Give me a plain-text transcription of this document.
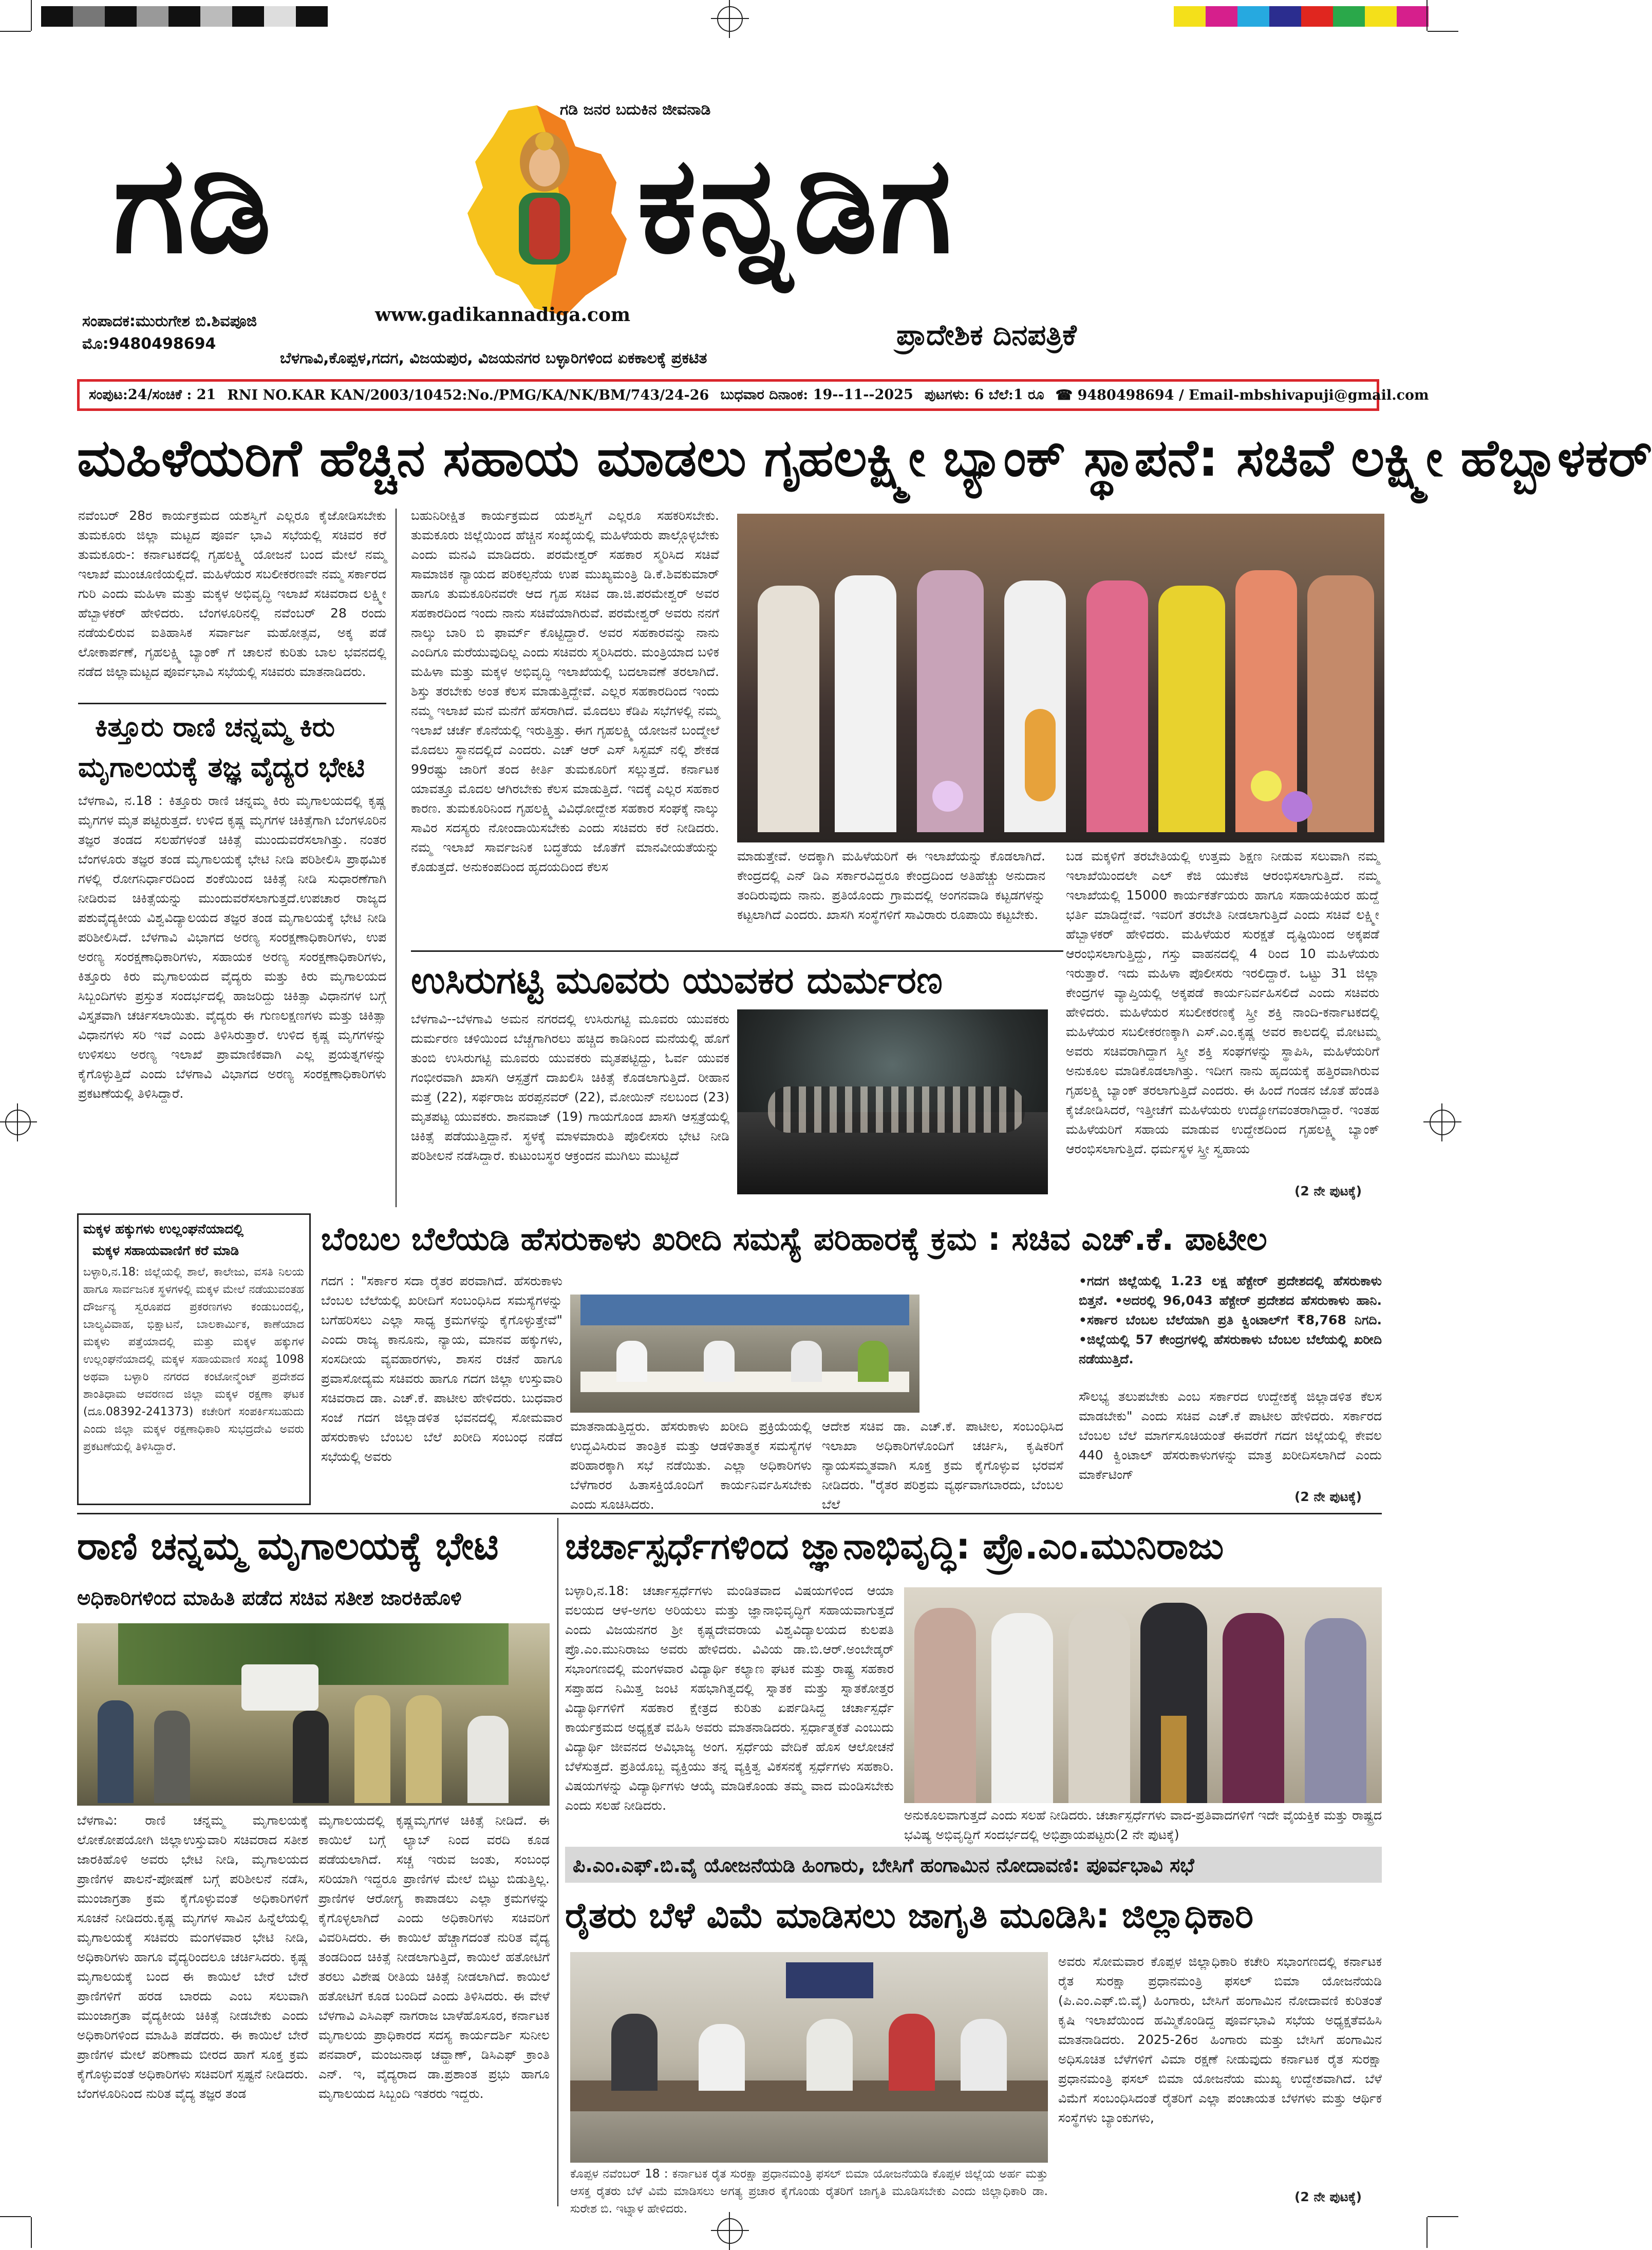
ಗಡಿ ಜನರ ಬದುಕಿನ ಜೀವನಾಡಿ
ಗಡಿ	ಕನ್ನಡಿಗ
ಸಂಪಾದಕ:ಮುರುಗೇಶ ಬಿ.ಶಿವಪೂಜಿ
ಮೊ:9480498694
www.gadikannadiga.com
ಪ್ರಾದೇಶಿಕ ದಿನಪತ್ರಿಕೆ
ಬೆಳಗಾವಿ,ಕೊಪ್ಪಳ,ಗದಗ, ವಿಜಯಪುರ, ವಿಜಯನಗರ ಬಳ್ಳಾರಿಗಳಿಂದ ಏಕಕಾಲಕ್ಕೆ ಪ್ರಕಟಿತ
ಸಂಪುಟ:24/ಸಂಚಿಕೆ : 21 RNI NO.KAR KAN/2003/10452:No./PMG/KA/NK/BM/743/24-26 ಬುಧವಾರ ದಿನಾಂಕ: 19--11--2025 ಪುಟಗಳು: 6 ಬೆಲೆ:1 ರೂ ☎ 9480498694 / Email-mbshivapuji@gmail.com
ಮಹಿಳೆಯರಿಗೆ ಹೆಚ್ಚಿನ ಸಹಾಯ ಮಾಡಲು ಗೃಹಲಕ್ಷ್ಮೀ ಬ್ಯಾಂಕ್ ಸ್ಥಾಪನೆ: ಸಚಿವೆ ಲಕ್ಷ್ಮೀ ಹೆಬ್ಬಾಳಕರ್
ನವೆಂಬರ್ 28ರ ಕಾರ್ಯಕ್ರಮದ ಯಶಸ್ವಿಗೆ ಎಲ್ಲರೂ ಕೈಜೋಡಿಸಬೇಕು ತುಮಕೂರು ಜಿಲ್ಲಾ ಮಟ್ಟದ ಪೂರ್ವ ಭಾವಿ ಸಭೆಯಲ್ಲಿ ಸಚಿವರ ಕರೆ ತುಮಕೂರು-: ಕರ್ನಾಟಕದಲ್ಲಿ ಗೃಹಲಕ್ಷ್ಮಿ ಯೋಜನೆ ಬಂದ ಮೇಲೆ ನಮ್ಮ ಇಲಾಖೆ ಮುಂಚೂಣಿಯಲ್ಲಿದೆ. ಮಹಿಳೆಯರ ಸಬಲೀಕರಣವೇ ನಮ್ಮ ಸರ್ಕಾರದ ಗುರಿ ಎಂದು ಮಹಿಳಾ ಮತ್ತು ಮಕ್ಕಳ ಅಭಿವೃದ್ಧಿ ಇಲಾಖೆ ಸಚಿವರಾದ ಲಕ್ಷ್ಮೀ ಹೆಬ್ಬಾಳಕರ್ ಹೇಳಿದರು. ಬೆಂಗಳೂರಿನಲ್ಲಿ ನವೆಂಬರ್ 28 ರಂದು ನಡೆಯಲಿರುವ ಐತಿಹಾಸಿಕ ಸರ್ವಾರ್ಜ ಮಹೋತ್ಸವ, ಅಕ್ಕ ಪಡೆ ಲೋಕಾರ್ಪಣೆ, ಗೃಹಲಕ್ಷ್ಮಿ ಬ್ಯಾಂಕ್ ಗೆ ಚಾಲನೆ ಕುರಿತು ಬಾಲ ಭವನದಲ್ಲಿ ನಡೆದ ಜಿಲ್ಲಾಮಟ್ಟದ ಪೂರ್ವಭಾವಿ ಸಭೆಯಲ್ಲಿ ಸಚಿವರು ಮಾತನಾಡಿದರು.
ಬಹುನಿರೀಕ್ಷಿತ ಕಾರ್ಯಕ್ರಮದ ಯಶಸ್ವಿಗೆ ಎಲ್ಲರೂ ಸಹಕರಿಸಬೇಕು. ತುಮಕೂರು ಜಿಲ್ಲೆಯಿಂದ ಹೆಚ್ಚಿನ ಸಂಖ್ಯೆಯಲ್ಲಿ ಮಹಿಳೆಯರು ಪಾಲ್ಗೊಳ್ಳಬೇಕು ಎಂದು ಮನವಿ ಮಾಡಿದರು. ಪರಮೇಶ್ವರ್ ಸಹಕಾರ ಸ್ಮರಿಸಿದ ಸಚಿವೆ ಸಾಮಾಜಿಕ ನ್ಯಾಯದ ಪರಿಕಲ್ಪನೆಯ ಉಪ ಮುಖ್ಯಮಂತ್ರಿ ಡಿ.ಕೆ.ಶಿವಕುಮಾರ್ ಹಾಗೂ ತುಮಕೂರಿನವರೇ ಆದ ಗೃಹ ಸಚಿವ ಡಾ.ಜಿ.ಪರಮೇಶ್ವರ್ ಅವರ ಸಹಕಾರದಿಂದ ಇಂದು ನಾನು ಸಚಿವೆಯಾಗಿರುವೆ. ಪರಮೇಶ್ವರ್ ಅವರು ನನಗೆ ನಾಲ್ಕು ಬಾರಿ ಬಿ ಫಾರ್ಮ್ ಕೊಟ್ಟಿದ್ದಾರೆ. ಅವರ ಸಹಕಾರವನ್ನು ನಾನು ಎಂದಿಗೂ ಮರೆಯುವುದಿಲ್ಲ ಎಂದು ಸಚಿವರು ಸ್ಮರಿಸಿದರು. ಮಂತ್ರಿಯಾದ ಬಳಿಕ ಮಹಿಳಾ ಮತ್ತು ಮಕ್ಕಳ ಅಭಿವೃದ್ಧಿ ಇಲಾಖೆಯಲ್ಲಿ ಬದಲಾವಣೆ ತರಲಾಗಿದೆ. ಶಿಸ್ತು ತರಬೇಕು ಅಂತ ಕೆಲಸ ಮಾಡುತ್ತಿದ್ದೇವೆ. ಎಲ್ಲರ ಸಹಕಾರದಿಂದ ಇಂದು ನಮ್ಮ ಇಲಾಖೆ ಮನೆ ಮನೆಗೆ ಹೆಸರಾಗಿದೆ. ಮೊದಲು ಕೆಡಿಪಿ ಸಭೆಗಳಲ್ಲಿ ನಮ್ಮ ಇಲಾಖೆ ಚರ್ಚೆ ಕೊನೆಯಲ್ಲಿ ಇರುತ್ತಿತ್ತು. ಈಗ ಗೃಹಲಕ್ಷ್ಮಿ ಯೋಜನೆ ಬಂದ್ಮೇಲೆ ಮೊದಲು ಸ್ಥಾನದಲ್ಲಿದೆ ಎಂದರು. ಎಚ್ ಆರ್ ಎಸ್ ಸಿಸ್ಟಮ್ ನಲ್ಲಿ ಶೇಕಡ 99ರಷ್ಟು ಜಾರಿಗೆ ತಂದ ಕೀರ್ತಿ ತುಮಕೂರಿಗೆ ಸಲ್ಲುತ್ತದೆ. ಕರ್ನಾಟಕ ಯಾವತ್ತೂ ಮೊದಲ ಆಗಿರಬೇಕು ಕೆಲಸ ಮಾಡುತ್ತಿದೆ. ಇದಕ್ಕೆ ಎಲ್ಲರ ಸಹಕಾರ ಕಾರಣ. ತುಮಕೂರಿನಿಂದ ಗೃಹಲಕ್ಷ್ಮಿ ವಿವಿಧೋದ್ದೇಶ ಸಹಕಾರ ಸಂಘಕ್ಕೆ ನಾಲ್ಕು ಸಾವಿರ ಸದಸ್ಯರು ನೋಂದಾಯಿಸಬೇಕು ಎಂದು ಸಚಿವರು ಕರೆ ನೀಡಿದರು. ನಮ್ಮ ಇಲಾಖೆ ಸಾರ್ವಜನಿಕ ಬದ್ಧತೆಯ ಜೊತೆಗೆ ಮಾನವೀಯತೆಯನ್ನು ಕೊಡುತ್ತದೆ. ಅನುಕಂಪದಿಂದ ಹೃದಯದಿಂದ ಕೆಲಸ
ಮಾಡುತ್ತೇವೆ. ಅದಕ್ಕಾಗಿ ಮಹಿಳೆಯರಿಗೆ ಈ ಇಲಾಖೆಯನ್ನು ಕೊಡಲಾಗಿದೆ. ಕೇಂದ್ರದಲ್ಲಿ ಎನ್ ಡಿಎ ಸರ್ಕಾರವಿದ್ದರೂ ಕೇಂದ್ರದಿಂದ ಅತಿಹೆಚ್ಚು ಅನುದಾನ ತಂದಿರುವುದು ನಾನು. ಪ್ರತಿಯೊಂದು ಗ್ರಾಮದಲ್ಲಿ ಅಂಗನವಾಡಿ ಕಟ್ಟಡಗಳನ್ನು ಕಟ್ಟಲಾಗಿದೆ ಎಂದರು. ಖಾಸಗಿ ಸಂಸ್ಥೆಗಳಿಗೆ ಸಾವಿರಾರು ರೂಪಾಯಿ ಕಟ್ಟಬೇಕು.
ಬಡ ಮಕ್ಕಳಿಗೆ ತರಬೇತಿಯಲ್ಲಿ ಉತ್ತಮ ಶಿಕ್ಷಣ ನೀಡುವ ಸಲುವಾಗಿ ನಮ್ಮ ಇಲಾಖೆಯಿಂದಲೇ ಎಲ್ ಕೆಜಿ ಯುಕೆಜಿ ಆರಂಭಿಸಲಾಗುತ್ತಿದೆ. ನಮ್ಮ ಇಲಾಖೆಯಲ್ಲಿ 15000 ಕಾರ್ಯಕರ್ತೆಯರು ಹಾಗೂ ಸಹಾಯಕಿಯರ ಹುದ್ದೆ ಭರ್ತಿ ಮಾಡಿದ್ದೇವೆ. ಇವರಿಗೆ ತರಬೇತಿ ನೀಡಲಾಗುತ್ತಿದೆ ಎಂದು ಸಚಿವೆ ಲಕ್ಷ್ಮೀ ಹೆಬ್ಬಾಳಕರ್ ಹೇಳಿದರು. ಮಹಿಳೆಯರ ಸುರಕ್ಷತೆ ದೃಷ್ಟಿಯಿಂದ ಅಕ್ಕಪಡೆ ಆರಂಭಿಸಲಾಗುತ್ತಿದ್ದು, ಗಸ್ತು ವಾಹನದಲ್ಲಿ 4 ರಿಂದ 10 ಮಹಿಳೆಯರು ಇರುತ್ತಾರೆ. ಇದು ಮಹಿಳಾ ಪೊಲೀಸರು ಇರಲಿದ್ದಾರೆ. ಒಟ್ಟು 31 ಜಿಲ್ಲಾ ಕೇಂದ್ರಗಳ ವ್ಯಾಪ್ತಿಯಲ್ಲಿ ಅಕ್ಕಪಡೆ ಕಾರ್ಯನಿರ್ವಹಿಸಲಿದೆ ಎಂದು ಸಚಿವರು ಹೇಳಿದರು. ಮಹಿಳೆಯರ ಸಬಲೀಕರಣಕ್ಕೆ ಸ್ತ್ರೀ ಶಕ್ತಿ ನಾಂದಿ-ಕರ್ನಾಟಕದಲ್ಲಿ ಮಹಿಳೆಯರ ಸಬಲೀಕರಣಕ್ಕಾಗಿ ಎಸ್.ಎಂ.ಕೃಷ್ಣ ಅವರ ಕಾಲದಲ್ಲಿ ಮೋಟಮ್ಮ ಅವರು ಸಚಿವರಾಗಿದ್ದಾಗ ಸ್ತ್ರೀ ಶಕ್ತಿ ಸಂಘಗಳನ್ನು ಸ್ಥಾಪಿಸಿ, ಮಹಿಳೆಯರಿಗೆ ಅನುಕೂಲ ಮಾಡಿಕೊಡಲಾಗಿತ್ತು. ಇದೀಗ ನಾನು ಹೃದಯಕ್ಕೆ ಹತ್ತಿರವಾಗಿರುವ ಗೃಹಲಕ್ಷ್ಮಿ ಬ್ಯಾಂಕ್ ತರಲಾಗುತ್ತಿದೆ ಎಂದರು. ಈ ಹಿಂದೆ ಗಂಡನ ಜೊತೆ ಹೆಂಡತಿ ಕೈಜೋಡಿಸಿದರೆ, ಇತ್ತೀಚೆಗೆ ಮಹಿಳೆಯರು ಉದ್ಯೋಗವಂತರಾಗಿದ್ದಾರೆ. ಇಂತಹ ಮಹಿಳೆಯರಿಗೆ ಸಹಾಯ ಮಾಡುವ ಉದ್ದೇಶದಿಂದ ಗೃಹಲಕ್ಷ್ಮಿ ಬ್ಯಾಂಕ್ ಆರಂಭಿಸಲಾಗುತ್ತಿದೆ. ಧರ್ಮಸ್ಥಳ ಸ್ತ್ರೀ ಸ್ವಹಾಯ
(2 ನೇ ಪುಟಕ್ಕೆ)
ಕಿತ್ತೂರು ರಾಣಿ ಚನ್ನಮ್ಮ ಕಿರು
ಮೃಗಾಲಯಕ್ಕೆ ತಜ್ಞ ವೈದ್ಯರ ಭೇಟಿ
ಬೆಳಗಾವಿ, ನ.18 : ಕಿತ್ತೂರು ರಾಣಿ ಚನ್ನಮ್ಮ ಕಿರು ಮೃಗಾಲಯದಲ್ಲಿ ಕೃಷ್ಣ ಮೃಗಗಳ ಮೃತ ಪಟ್ಟಿರುತ್ತದೆ. ಉಳಿದ ಕೃಷ್ಣ ಮೃಗಗಳ ಚಿಕಿತ್ಸೆಗಾಗಿ ಬೆಂಗಳೂರಿನ ತಜ್ಞರ ತಂಡದ ಸಲಹೆಗಳಂತೆ ಚಿಕಿತ್ಸೆ ಮುಂದುವರೆಸಲಾಗಿತ್ತು. ನಂತರ ಬೆಂಗಳೂರು ತಜ್ಞರ ತಂಡ ಮೃಗಾಲಯಕ್ಕೆ ಭೇಟಿ ನೀಡಿ ಪರಿಶೀಲಿಸಿ ಪ್ರಾಥಮಿಕ ಗಳಲ್ಲಿ ರೋಗನಿರ್ಧಾರದಿಂದ ಶಂಕೆಯಿಂದ ಚಿಕಿತ್ಸೆ ನೀಡಿ ಸುಧಾರಣೆಗಾಗಿ ನೀಡಿರುವ ಚಿಕಿತ್ಸೆಯನ್ನು ಮುಂದುವರೆಸಲಾಗುತ್ತದೆ.ಉಪಚಾರ ರಾಜ್ಯದ ಪಶುವೈದ್ಯಕೀಯ ವಿಶ್ವವಿದ್ಯಾಲಯದ ತಜ್ಞರ ತಂಡ ಮೃಗಾಲಯಕ್ಕೆ ಭೇಟಿ ನೀಡಿ ಪರಿಶೀಲಿಸಿದೆ. ಬೆಳಗಾವಿ ವಿಭಾಗದ ಅರಣ್ಯ ಸಂರಕ್ಷಣಾಧಿಕಾರಿಗಳು, ಉಪ ಅರಣ್ಯ ಸಂರಕ್ಷಣಾಧಿಕಾರಿಗಳು, ಸಹಾಯಕ ಅರಣ್ಯ ಸಂರಕ್ಷಣಾಧಿಕಾರಿಗಳು, ಕಿತ್ತೂರು ಕಿರು ಮೃಗಾಲಯದ ವೈದ್ಯರು ಮತ್ತು ಕಿರು ಮೃಗಾಲಯದ ಸಿಬ್ಬಂದಿಗಳು ಪ್ರಸ್ತುತ ಸಂದರ್ಭದಲ್ಲಿ ಹಾಜರಿದ್ದು ಚಿಕಿತ್ಸಾ ವಿಧಾನಗಳ ಬಗ್ಗೆ ವಿಸ್ತೃತವಾಗಿ ಚರ್ಚಿಸಲಾಯಿತು. ವೈದ್ಯರು ಈ ಗುಣಲಕ್ಷಣಗಳು ಮತ್ತು ಚಿಕಿತ್ಸಾ ವಿಧಾನಗಳು ಸರಿ ಇವೆ ಎಂದು ತಿಳಿಸಿರುತ್ತಾರೆ. ಉಳಿದ ಕೃಷ್ಣ ಮೃಗಗಳನ್ನು ಉಳಿಸಲು ಅರಣ್ಯ ಇಲಾಖೆ ಪ್ರಾಮಾಣಿಕವಾಗಿ ಎಲ್ಲ ಪ್ರಯತ್ನಗಳನ್ನು ಕೈಗೊಳ್ಳುತ್ತಿದೆ ಎಂದು ಬೆಳಗಾವಿ ವಿಭಾಗದ ಅರಣ್ಯ ಸಂರಕ್ಷಣಾಧಿಕಾರಿಗಳು ಪ್ರಕಟಣೆಯಲ್ಲಿ ತಿಳಿಸಿದ್ದಾರೆ.
ಉಸಿರುಗಟ್ಟಿ ಮೂವರು ಯುವಕರ ದುರ್ಮರಣ
ಬೆಳಗಾವಿ--ಬೆಳಗಾವಿ ಅಮನ ನಗರದಲ್ಲಿ ಉಸಿರುಗಟ್ಟಿ ಮೂವರು ಯುವಕರು ದುರ್ಮರಣ ಚಳಿಯಿಂದ ಬೆಚ್ಚಗಾಗಿರಲು ಹಚ್ಚಿದ ಕಾಡಿನಿಂದ ಮನೆಯಲ್ಲಿ ಹೊಗೆ ತುಂಬಿ ಉಸಿರುಗಟ್ಟಿ ಮೂವರು ಯುವಕರು ಮೃತಪಟ್ಟಿದ್ದು, ಓರ್ವ ಯುವಕ ಗಂಭೀರವಾಗಿ ಖಾಸಗಿ ಆಸ್ಪತ್ರೆಗೆ ದಾಖಲಿಸಿ ಚಿಕಿತ್ಸೆ ಕೊಡಲಾಗುತ್ತಿದೆ. ರೀಹಾನ ಮತ್ತೆ (22), ಸರ್ಫರಾಜ ಹರಪ್ಪನವರ್ (22), ಮೋಯಿನ್ ನಲಬಂದ (23) ಮೃತಪಟ್ಟ ಯುವಕರು. ಶಾನವಾಜ್ (19) ಗಾಯಗೊಂಡ ಖಾಸಗಿ ಆಸ್ಪತ್ರೆಯಲ್ಲಿ ಚಿಕಿತ್ಸೆ ಪಡೆಯುತ್ತಿದ್ದಾನೆ. ಸ್ಥಳಕ್ಕೆ ಮಾಳಮಾರುತಿ ಪೊಲೀಸರು ಭೇಟಿ ನೀಡಿ ಪರಿಶೀಲನೆ ನಡೆಸಿದ್ದಾರೆ. ಕುಟುಂಬಸ್ಥರ ಆಕ್ರಂದನ ಮುಗಿಲು ಮುಟ್ಟಿದೆ
ಮಕ್ಕಳ ಹಕ್ಕುಗಳು ಉಲ್ಲಂಘನೆಯಾದಲ್ಲಿ
ಮಕ್ಕಳ ಸಹಾಯವಾಣಿಗೆ ಕರೆ ಮಾಡಿ
ಬಳ್ಳಾರಿ,ನ.18: ಜಿಲ್ಲೆಯಲ್ಲಿ ಶಾಲೆ, ಕಾಲೇಜು, ವಸತಿ ನಿಲಯ ಹಾಗೂ ಸಾರ್ವಜನಿಕ ಸ್ಥಳಗಳಲ್ಲಿ ಮಕ್ಕಳ ಮೇಲೆ ನಡೆಯುವಂತಹ ದೌರ್ಜನ್ಯ ಸ್ವರೂಪದ ಪ್ರಕರಣಗಳು ಕಂಡುಬಂದಲ್ಲಿ, ಬಾಲ್ಯವಿವಾಹ, ಭಿಕ್ಷಾಟನೆ, ಬಾಲಕಾರ್ಮಿಕ, ಕಾಣೆಯಾದ ಮಕ್ಕಳು ಪತ್ತೆಯಾದಲ್ಲಿ ಮತ್ತು ಮಕ್ಕಳ ಹಕ್ಕುಗಳ ಉಲ್ಲಂಘನೆಯಾದಲ್ಲಿ ಮಕ್ಕಳ ಸಹಾಯವಾಣಿ ಸಂಖ್ಯೆ 1098 ಅಥವಾ ಬಳ್ಳಾರಿ ನಗರದ ಕಂಟೋನ್ಮೆಂಟ್ ಪ್ರದೇಶದ ಶಾಂತಿಧಾಮ ಆವರಣದ ಜಿಲ್ಲಾ ಮಕ್ಕಳ ರಕ್ಷಣಾ ಘಟಕ (ದೂ.08392-241373) ಕಚೇರಿಗೆ ಸಂಪರ್ಕಿಸಬಹುದು ಎಂದು ಜಿಲ್ಲಾ ಮಕ್ಕಳ ರಕ್ಷಣಾಧಿಕಾರಿ ಸುಭದ್ರದೇವಿ ಅವರು ಪ್ರಕಟಣೆಯಲ್ಲಿ ತಿಳಿಸಿದ್ದಾರೆ.
ಬೆಂಬಲ ಬೆಲೆಯಡಿ ಹೆಸರುಕಾಳು ಖರೀದಿ ಸಮಸ್ಯೆ ಪರಿಹಾರಕ್ಕೆ ಕ್ರಮ : ಸಚಿವ ಎಚ್.ಕೆ. ಪಾಟೀಲ
ಗದಗ : "ಸರ್ಕಾರ ಸದಾ ರೈತರ ಪರವಾಗಿದೆ. ಹೆಸರುಕಾಳು ಬೆಂಬಲ ಬೆಲೆಯಲ್ಲಿ ಖರೀದಿಗೆ ಸಂಬಂಧಿಸಿದ ಸಮಸ್ಯೆಗಳನ್ನು ಬಗೆಹರಿಸಲು ಎಲ್ಲಾ ಸಾಧ್ಯ ಕ್ರಮಗಳನ್ನು ಕೈಗೊಳ್ಳುತ್ತೇವೆ" ಎಂದು ರಾಜ್ಯ ಕಾನೂನು, ನ್ಯಾಯ, ಮಾನವ ಹಕ್ಕುಗಳು, ಸಂಸದೀಯ ವ್ಯವಹಾರಗಳು, ಶಾಸನ ರಚನೆ ಹಾಗೂ ಪ್ರವಾಸೋದ್ಯಮ ಸಚಿವರು ಹಾಗೂ ಗದಗ ಜಿಲ್ಲಾ ಉಸ್ತುವಾರಿ ಸಚಿವರಾದ ಡಾ. ಎಚ್.ಕೆ. ಪಾಟೀಲ ಹೇಳಿದರು. ಬುಧವಾರ ಸಂಜೆ ಗದಗ ಜಿಲ್ಲಾಡಳಿತ ಭವನದಲ್ಲಿ ಸೋಮವಾರ ಹೆಸರುಕಾಳು ಬೆಂಬಲ ಬೆಲೆ ಖರೀದಿ ಸಂಬಂಧ ನಡೆದ ಸಭೆಯಲ್ಲಿ ಅವರು
ಮಾತನಾಡುತ್ತಿದ್ದರು. ಹೆಸರುಕಾಳು ಖರೀದಿ ಪ್ರಕ್ರಿಯೆಯಲ್ಲಿ ಉದ್ಭವಿಸಿರುವ ತಾಂತ್ರಿಕ ಮತ್ತು ಆಡಳಿತಾತ್ಮಕ ಸಮಸ್ಯೆಗಳ ಪರಿಹಾರಕ್ಕಾಗಿ ಸಭೆ ನಡೆಯಿತು. ಎಲ್ಲಾ ಅಧಿಕಾರಿಗಳು ಬೆಳೆಗಾರರ ಹಿತಾಸಕ್ತಿಯೊಂದಿಗೆ ಕಾರ್ಯನಿರ್ವಹಿಸಬೇಕು ಎಂದು ಸೂಚಿಸಿದರು.
ಆದೇಶ ಸಚಿವ ಡಾ. ಎಚ್.ಕೆ. ಪಾಟೀಲ, ಸಂಬಂಧಿಸಿದ ಇಲಾಖಾ ಅಧಿಕಾರಿಗಳೊಂದಿಗೆ ಚರ್ಚಿಸಿ, ಕೃಷಿಕರಿಗೆ ನ್ಯಾಯಸಮ್ಮತವಾಗಿ ಸೂಕ್ತ ಕ್ರಮ ಕೈಗೊಳ್ಳುವ ಭರವಸೆ ನೀಡಿದರು. "ರೈತರ ಪರಿಶ್ರಮ ವ್ಯರ್ಥವಾಗಬಾರದು, ಬೆಂಬಲ ಬೆಲೆ
•ಗದಗ ಜಿಲ್ಲೆಯಲ್ಲಿ 1.23 ಲಕ್ಷ ಹೆಕ್ಟೇರ್ ಪ್ರದೇಶದಲ್ಲಿ ಹೆಸರುಕಾಳು ಬಿತ್ತನೆ. •ಅದರಲ್ಲಿ 96,043 ಹೆಕ್ಟೇರ್ ಪ್ರದೇಶದ ಹೆಸರುಕಾಳು ಹಾನಿ. •ಸರ್ಕಾರ ಬೆಂಬಲ ಬೆಲೆಯಾಗಿ ಪ್ರತಿ ಕ್ವಿಂಟಾಲ್‌ಗೆ ₹8,768 ನಿಗದಿ. •ಜಿಲ್ಲೆಯಲ್ಲಿ 57 ಕೇಂದ್ರಗಳಲ್ಲಿ ಹೆಸರುಕಾಳು ಬೆಂಬಲ ಬೆಲೆಯಲ್ಲಿ ಖರೀದಿ ನಡೆಯುತ್ತಿದೆ.
ಸೌಲಭ್ಯ ತಲುಪಬೇಕು ಎಂಬ ಸರ್ಕಾರದ ಉದ್ದೇಶಕ್ಕೆ ಜಿಲ್ಲಾಡಳಿತ ಕೆಲಸ ಮಾಡಬೇಕು" ಎಂದು ಸಚಿವ ಎಚ್.ಕೆ ಪಾಟೀಲ ಹೇಳಿದರು. ಸರ್ಕಾರದ ಬೆಂಬಲ ಬೆಲೆ ಮಾರ್ಗಸೂಚಿಯಂತೆ ಈವರೆಗೆ ಗದಗ ಜಿಲ್ಲೆಯಲ್ಲಿ ಕೇವಲ 440 ಕ್ವಿಂಟಾಲ್ ಹೆಸರುಕಾಳುಗಳನ್ನು ಮಾತ್ರ ಖರೀದಿಸಲಾಗಿದೆ ಎಂದು ಮಾರ್ಕೆಟಿಂಗ್
(2 ನೇ ಪುಟಕ್ಕೆ)
ರಾಣಿ ಚನ್ನಮ್ಮ ಮೃಗಾಲಯಕ್ಕೆ ಭೇಟಿ
ಅಧಿಕಾರಿಗಳಿಂದ ಮಾಹಿತಿ ಪಡೆದ ಸಚಿವ ಸತೀಶ ಜಾರಕಿಹೊಳಿ
ಬೆಳಗಾವಿ: ರಾಣಿ ಚನ್ನಮ್ಮ ಮೃಗಾಲಯಕ್ಕೆ ಲೋಕೋಪಯೋಗಿ ಜಿಲ್ಲಾಉಸ್ತುವಾರಿ ಸಚಿವರಾದ ಸತೀಶ ಜಾರಕಿಹೊಳಿ ಅವರು ಭೇಟಿ ನೀಡಿ, ಮೃಗಾಲಯದ ಪ್ರಾಣಿಗಳ ಪಾಲನೆ-ಪೋಷಣೆ ಬಗ್ಗೆ ಪರಿಶೀಲನೆ ನಡೆಸಿ, ಮುಂಜಾಗ್ರತಾ ಕ್ರಮ ಕೈಗೊಳ್ಳುವಂತೆ ಅಧಿಕಾರಿಗಳಿಗೆ ಸೂಚನೆ ನೀಡಿದರು.ಕೃಷ್ಣ ಮೃಗಗಳ ಸಾವಿನ ಹಿನ್ನೆಲೆಯಲ್ಲಿ ಮೃಗಾಲಯಕ್ಕೆ ಸಚಿವರು ಮಂಗಳವಾರ ಭೇಟಿ ನೀಡಿ, ಅಧಿಕಾರಿಗಳು ಹಾಗೂ ವೈದ್ಯರಿಂದಲೂ ಚರ್ಚಿಸಿದರು. ಕೃಷ್ಣ ಮೃಗಾಲಯಕ್ಕೆ ಬಂದ ಈ ಕಾಯಿಲೆ ಬೇರೆ ಬೇರೆ ಪ್ರಾಣಿಗಳಿಗೆ ಹರಡ ಬಾರದು ಎಂಬ ಸಲುವಾಗಿ ಮುಂಜಾಗ್ರತಾ ವೈದ್ಯಕೀಯ ಚಿಕಿತ್ಸೆ ನೀಡಬೇಕು ಎಂದು ಅಧಿಕಾರಿಗಳಿಂದ ಮಾಹಿತಿ ಪಡೆದರು. ಈ ಕಾಯಿಲೆ ಬೇರೆ ಪ್ರಾಣಿಗಳ ಮೇಲೆ ಪರಿಣಾಮ ಬೀರದ ಹಾಗೆ ಸೂಕ್ತ ಕ್ರಮ ಕೈಗೊಳ್ಳುವಂತೆ ಅಧಿಕಾರಿಗಳು ಸಚಿವರಿಗೆ ಸ್ಪಷ್ಟನೆ ನೀಡಿದರು. ಬೆಂಗಳೂರಿನಿಂದ ನುರಿತ ವೈದ್ಯ ತಜ್ಞರ ತಂಡ
ಮೃಗಾಲಯದಲ್ಲಿ ಕೃಷ್ಣಮೃಗಗಳ ಚಿಕಿತ್ಸೆ ನೀಡಿದೆ. ಈ ಕಾಯಿಲೆ ಬಗ್ಗೆ ಲ್ಯಾಬ್ ನಿಂದ ವರದಿ ಕೂಡ ಪಡೆಯಲಾಗಿದೆ. ಸಚ್ಚ ಇರುವ ಜಂತು, ಸಂಬಂಧ ಸರಿಯಾಗಿ ಇದ್ದರೂ ಪ್ರಾಣಿಗಳ ಮೇಲೆ ಬಿಟ್ಟು ಬಿಡುತ್ತಿಲ್ಲ. ಪ್ರಾಣಿಗಳ ಆರೋಗ್ಯ ಕಾಪಾಡಲು ಎಲ್ಲಾ ಕ್ರಮಗಳನ್ನು ಕೈಗೊಳ್ಳಲಾಗಿದೆ ಎಂದು ಅಧಿಕಾರಿಗಳು ಸಚಿವರಿಗೆ ವಿವರಿಸಿದರು. ಈ ಕಾಯಿಲೆ ಹೆಚ್ಚಾಗದಂತೆ ನುರಿತ ವೈದ್ಯ ತಂಡದಿಂದ ಚಿಕಿತ್ಸೆ ನೀಡಲಾಗುತ್ತಿದೆ, ಕಾಯಿಲೆ ಹತೋಟಿಗೆ ತರಲು ವಿಶೇಷ ರೀತಿಯ ಚಿಕಿತ್ಸೆ ನೀಡಲಾಗಿದೆ. ಕಾಯಿಲೆ ಹತೋಟಿಗೆ ಕೂಡ ಬಂದಿದೆ ಎಂದು ತಿಳಿಸಿದರು. ಈ ವೇಳೆ ಬೆಳಗಾವಿ ಎಸಿಎಫ್ ನಾಗರಾಜ ಬಾಳೆಹೊಸೂರ, ಕರ್ನಾಟಕ ಮೃಗಾಲಯ ಪ್ರಾಧಿಕಾರದ ಸದಸ್ಯ ಕಾರ್ಯದರ್ಶಿ ಸುನೀಲ ಪನವಾರ್, ಮಂಜುನಾಥ ಚವ್ಹಾಣ್, ಡಿಸಿಎಫ್ ಕ್ರಾಂತಿ ಎನ್. ಇ, ವೈದ್ಯರಾದ ಡಾ.ಪ್ರಶಾಂತ ಪ್ರಭು ಹಾಗೂ ಮೃಗಾಲಯದ ಸಿಬ್ಬಂದಿ ಇತರರು ಇದ್ದರು.
ಚರ್ಚಾಸ್ಪರ್ಧೆಗಳಿಂದ ಜ್ಞಾನಾಭಿವೃದ್ಧಿ: ಪ್ರೊ.ಎಂ.ಮುನಿರಾಜು
ಬಳ್ಳಾರಿ,ನ.18: ಚರ್ಚಾಸ್ಪರ್ಧೆಗಳು ಮಂಡಿತವಾದ ವಿಷಯಗಳಿಂದ ಆಯಾ ವಲಯದ ಆಳ-ಅಗಲ ಅರಿಯಲು ಮತ್ತು ಜ್ಞಾನಾಭಿವೃದ್ಧಿಗೆ ಸಹಾಯವಾಗುತ್ತದೆ ಎಂದು ವಿಜಯನಗರ ಶ್ರೀ ಕೃಷ್ಣದೇವರಾಯ ವಿಶ್ವವಿದ್ಯಾಲಯದ ಕುಲಪತಿ ಪ್ರೊ.ಎಂ.ಮುನಿರಾಜು ಅವರು ಹೇಳಿದರು. ವಿವಿಯ ಡಾ.ಬಿ.ಆರ್.ಅಂಬೇಡ್ಕರ್ ಸಭಾಂಗಣದಲ್ಲಿ ಮಂಗಳವಾರ ವಿದ್ಯಾರ್ಥಿ ಕಲ್ಯಾಣ ಘಟಕ ಮತ್ತು ರಾಷ್ಟ್ರ ಸಹಕಾರ ಸಪ್ತಾಹದ ನಿಮಿತ್ತ ಜಂಟಿ ಸಹಭಾಗಿತ್ವದಲ್ಲಿ ಸ್ನಾತಕ ಮತ್ತು ಸ್ನಾತಕೋತ್ತರ ವಿದ್ಯಾರ್ಥಿಗಳಿಗೆ ಸಹಕಾರ ಕ್ಷೇತ್ರದ ಕುರಿತು ಏರ್ಪಡಿಸಿದ್ದ ಚರ್ಚಾಸ್ಪರ್ಧೆ ಕಾರ್ಯಕ್ರಮದ ಅಧ್ಯಕ್ಷತೆ ವಹಿಸಿ ಅವರು ಮಾತನಾಡಿದರು. ಸ್ಪರ್ಧಾತ್ಮಕತೆ ಎಂಬುದು ವಿದ್ಯಾರ್ಥಿ ಜೀವನದ ಅವಿಭಾಜ್ಯ ಅಂಗ. ಸ್ಪರ್ಧೆಯ ವೇದಿಕೆ ಹೊಸ ಆಲೋಚನೆ ಬೆಳೆಸುತ್ತದೆ. ಪ್ರತಿಯೊಬ್ಬ ವ್ಯಕ್ತಿಯು ತನ್ನ ವ್ಯಕ್ತಿತ್ವ ವಿಕಸನಕ್ಕೆ ಸ್ಪರ್ಧೆಗಳು ಸಹಕಾರಿ. ವಿಷಯಗಳನ್ನು ವಿದ್ಯಾರ್ಥಿಗಳು ಆಯ್ಕೆ ಮಾಡಿಕೊಂಡು ತಮ್ಮ ವಾದ ಮಂಡಿಸಬೇಕು ಎಂದು ಸಲಹೆ ನೀಡಿದರು.
ಅನುಕೂಲವಾಗುತ್ತದೆ ಎಂದು ಸಲಹೆ ನೀಡಿದರು. ಚರ್ಚಾಸ್ಪರ್ಧೆಗಳು ವಾದ-ಪ್ರತಿವಾದಗಳಿಗೆ ಇದೇ ವೈಯಕ್ತಿಕ ಮತ್ತು ರಾಷ್ಟ್ರದ ಭವಿಷ್ಯ ಅಭಿವೃದ್ಧಿಗೆ ಸಂದರ್ಭದಲ್ಲಿ ಅಭಿಪ್ರಾಯಪಟ್ಟರು(2 ನೇ ಪುಟಕ್ಕೆ)
ಪಿ.ಎಂ.ಎಫ್.ಬಿ.ವೈ ಯೋಜನೆಯಡಿ ಹಿಂಗಾರು, ಬೇಸಿಗೆ ಹಂಗಾಮಿನ ನೋದಾವಣಿ: ಪೂರ್ವಭಾವಿ ಸಭೆ
ರೈತರು ಬೆಳೆ ವಿಮೆ ಮಾಡಿಸಲು ಜಾಗೃತಿ ಮೂಡಿಸಿ: ಜಿಲ್ಲಾಧಿಕಾರಿ
ಕೊಪ್ಪಳ ನವೆಂಬರ್ 18 : ಕರ್ನಾಟಕ ರೈತ ಸುರಕ್ಷಾ ಪ್ರಧಾನಮಂತ್ರಿ ಫಸಲ್ ಬಿಮಾ ಯೋಜನೆಯಡಿ ಕೊಪ್ಪಳ ಜಿಲ್ಲೆಯ ಅರ್ಹ ಮತ್ತು ಆಸಕ್ತ ರೈತರು ಬೆಳೆ ವಿಮೆ ಮಾಡಿಸಲು ಅಗತ್ಯ ಪ್ರಚಾರ ಕೈಗೊಂಡು ರೈತರಿಗೆ ಜಾಗೃತಿ ಮೂಡಿಸಬೇಕು ಎಂದು ಜಿಲ್ಲಾಧಿಕಾರಿ ಡಾ. ಸುರೇಶ ಬಿ. ಇಟ್ನಾಳ ಹೇಳಿದರು.
ಅವರು ಸೋಮವಾರ ಕೊಪ್ಪಳ ಜಿಲ್ಲಾಧಿಕಾರಿ ಕಚೇರಿ ಸಭಾಂಗಣದಲ್ಲಿ ಕರ್ನಾಟಕ ರೈತ ಸುರಕ್ಷಾ ಪ್ರಧಾನಮಂತ್ರಿ ಫಸಲ್ ಬಿಮಾ ಯೋಜನೆಯಡಿ (ಪಿ.ಎಂ.ಎಫ್.ಬಿ.ವೈ) ಹಿಂಗಾರು, ಬೇಸಿಗೆ ಹಂಗಾಮಿನ ನೋದಾವಣಿ ಕುರಿತಂತೆ ಕೃಷಿ ಇಲಾಖೆಯಿಂದ ಹಮ್ಮಿಕೊಂಡಿದ್ದ ಪೂರ್ವಭಾವಿ ಸಭೆಯ ಅಧ್ಯಕ್ಷತೆವಹಿಸಿ ಮಾತನಾಡಿದರು. 2025-26ರ ಹಿಂಗಾರು ಮತ್ತು ಬೇಸಿಗೆ ಹಂಗಾಮಿನ ಅಧಿಸೂಚಿತ ಬೆಳೆಗಳಿಗೆ ವಿಮಾ ರಕ್ಷಣೆ ನೀಡುವುದು ಕರ್ನಾಟಕ ರೈತ ಸುರಕ್ಷಾ ಪ್ರಧಾನಮಂತ್ರಿ ಫಸಲ್ ಬಿಮಾ ಯೋಜನೆಯ ಮುಖ್ಯ ಉದ್ದೇಶವಾಗಿದೆ. ಬೆಳೆ ವಿಮೆಗೆ ಸಂಬಂಧಿಸಿದಂತೆ ರೈತರಿಗೆ ಎಲ್ಲಾ ಪಂಚಾಯತ ಬೆಳಗಳು ಮತ್ತು ಆರ್ಥಿಕ ಸಂಸ್ಥೆಗಳು ಬ್ಯಾಂಕುಗಳು,
(2 ನೇ ಪುಟಕ್ಕೆ)
